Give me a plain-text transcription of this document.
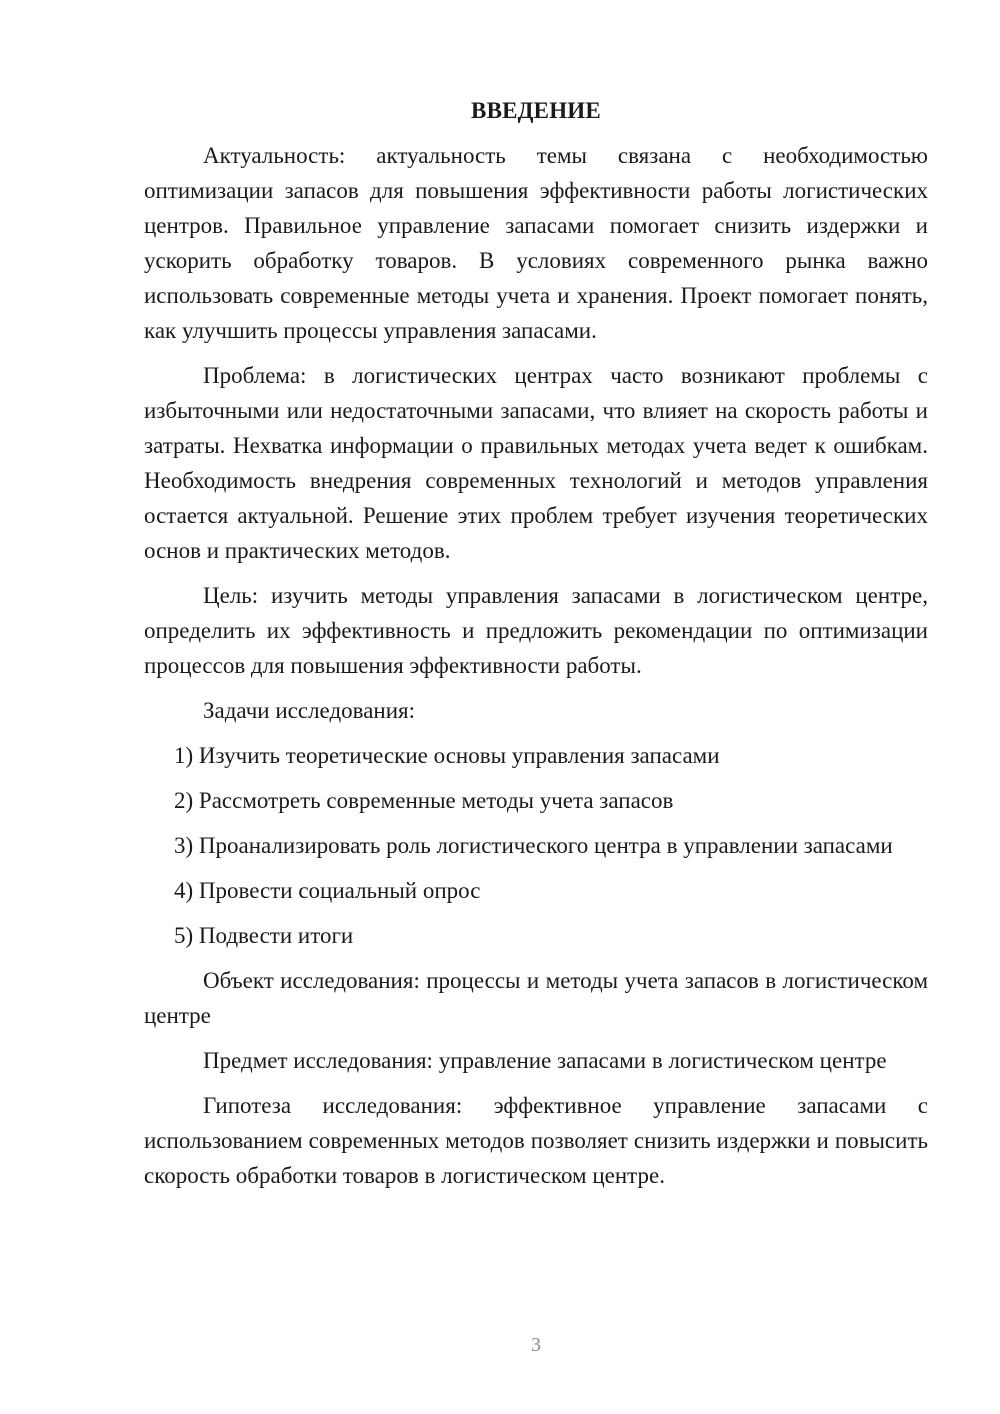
ВВЕДЕНИЕ

Актуальность: актуальность темы связана с необходимостью оптимизации запасов для повышения эффективности работы логистических центров. Правильное управление запасами помогает снизить издержки и ускорить обработку товаров. В условиях современного рынка важно использовать современные методы учета и хранения. Проект помогает понять, как улучшить процессы управления запасами.

Проблема: в логистических центрах часто возникают проблемы с избыточными или недостаточными запасами, что влияет на скорость работы и затраты. Нехватка информации о правильных методах учета ведет к ошибкам. Необходимость внедрения современных технологий и методов управления остается актуальной. Решение этих проблем требует изучения теоретических основ и практических методов.

Цель: изучить методы управления запасами в логистическом центре, определить их эффективность и предложить рекомендации по оптимизации процессов для повышения эффективности работы.

Задачи исследования:

1) Изучить теоретические основы управления запасами

2) Рассмотреть современные методы учета запасов

3) Проанализировать роль логистического центра в управлении запасами

4) Провести социальный опрос

5) Подвести итоги

Объект исследования: процессы и методы учета запасов в логистическом центре

Предмет исследования: управление запасами в логистическом центре

Гипотеза исследования: эффективное управление запасами с использованием современных методов позволяет снизить издержки и повысить скорость обработки товаров в логистическом центре.

3
